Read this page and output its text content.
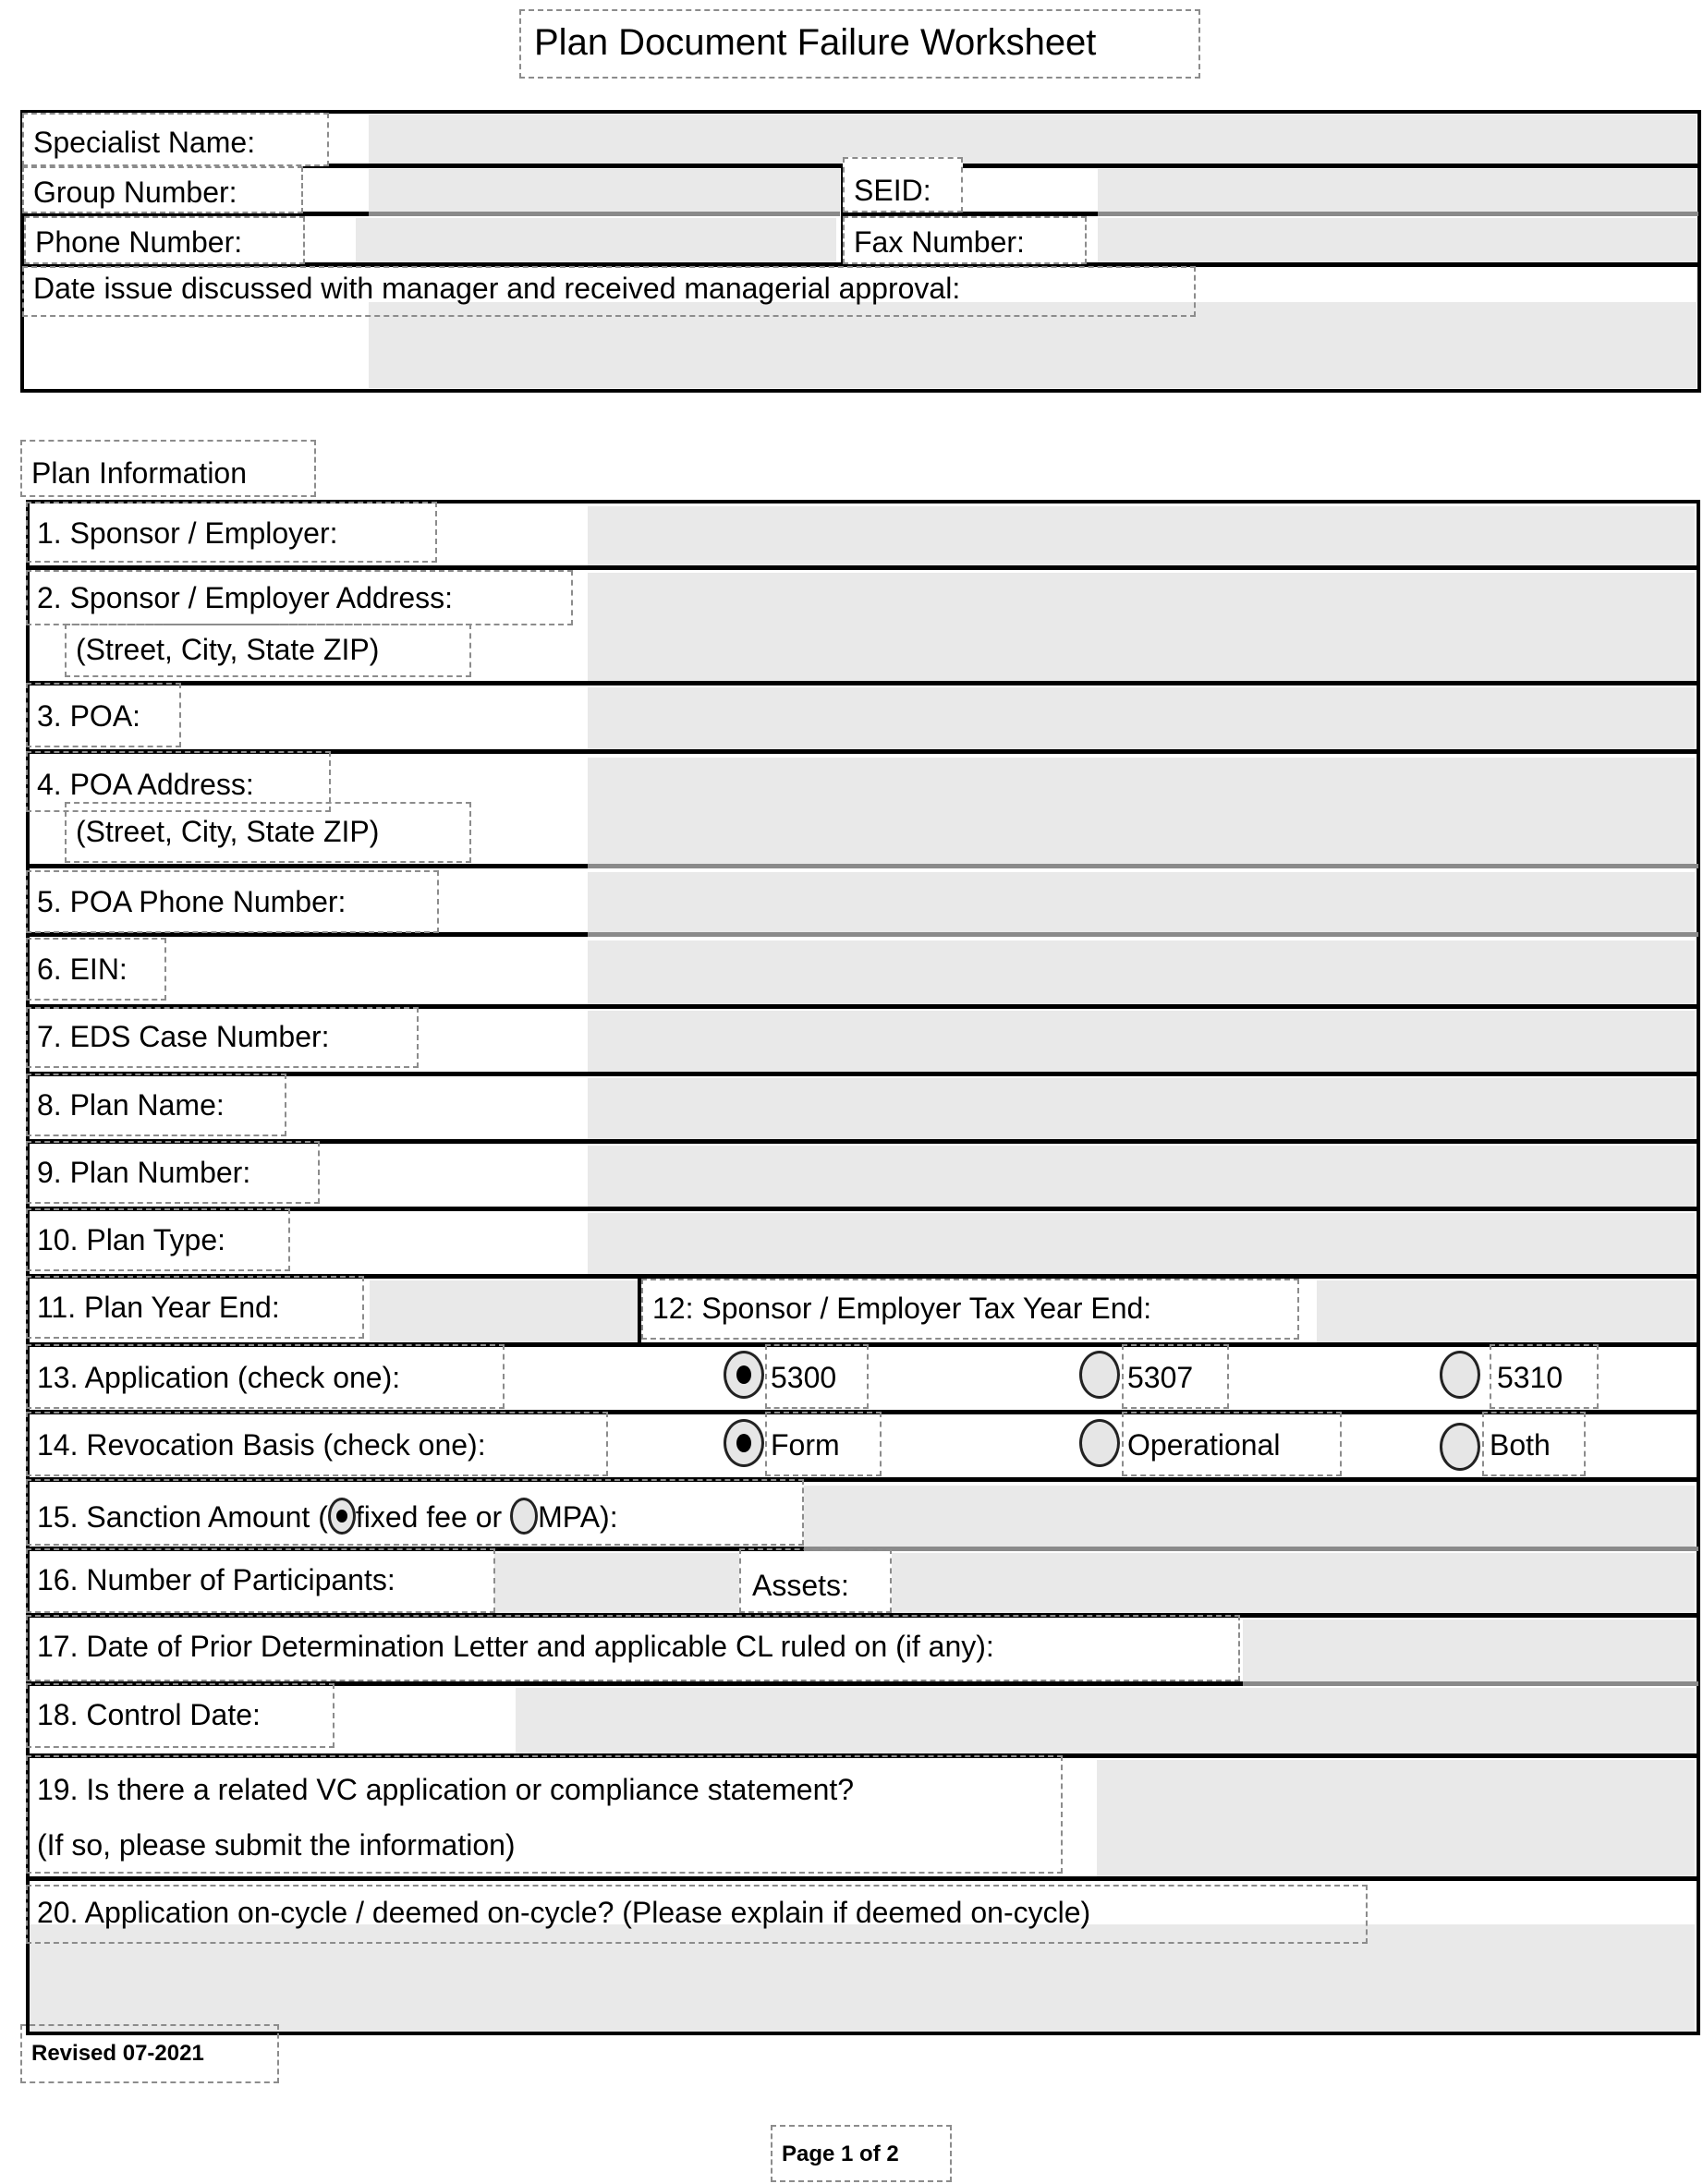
Plan Document Failure Worksheet
Specialist Name:
Group Number:	SEID:
Phone Number:	Fax Number:
Date issue discussed with manager and received managerial approval:
Plan Information
1. Sponsor / Employer:
2. Sponsor / Employer Address:
(Street, City, State ZIP)
3. POA:
4. POA Address:
(Street, City, State ZIP)
5. POA Phone Number:
6. EIN:
7. EDS Case Number:
8. Plan Name:
9. Plan Number:
10. Plan Type:
11. Plan Year End:	12: Sponsor / Employer Tax Year End:
13. Application (check one):	5300	5307	5310
14. Revocation Basis (check one):	Form	Operational	Both
15. Sanction Amount ( fixed fee or MPA):
16. Number of Participants:	Assets:
17. Date of Prior Determination Letter and applicable CL ruled on (if any):
18. Control Date:
19. Is there a related VC application or compliance statement?
(If so, please submit the information)
20. Application on-cycle / deemed on-cycle? (Please explain if deemed on-cycle)
Revised 07-2021
Page 1 of 2
